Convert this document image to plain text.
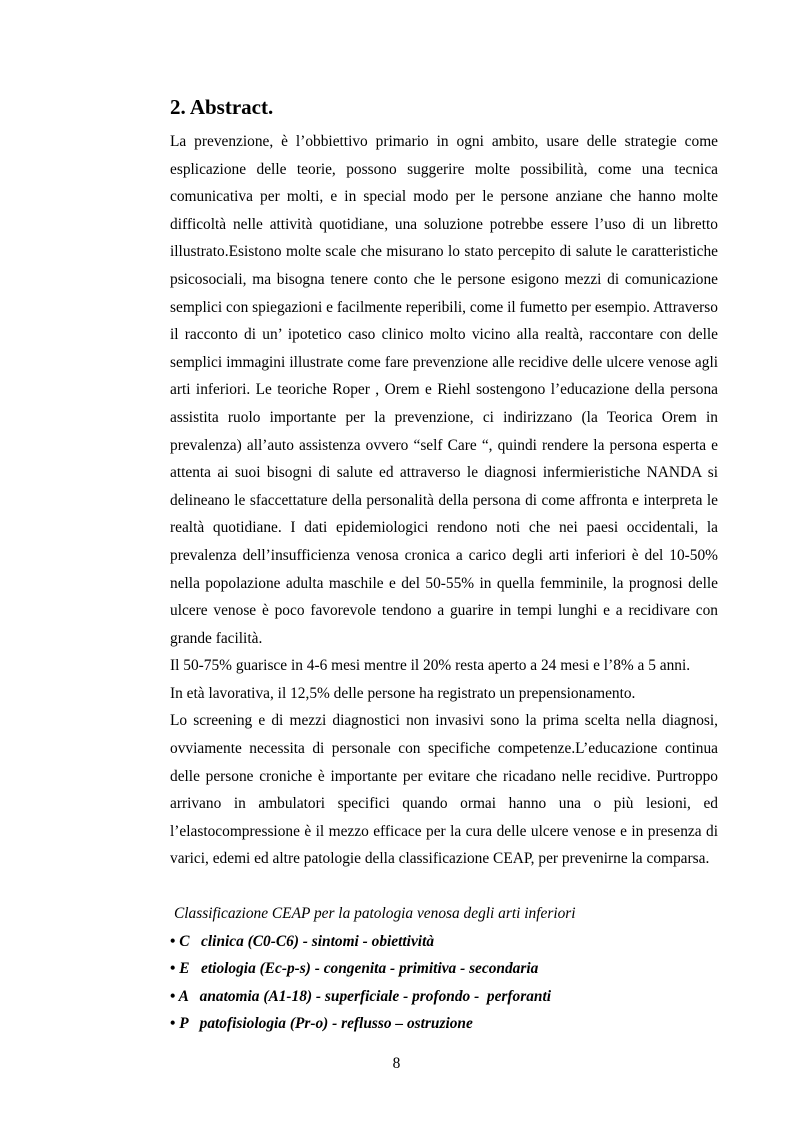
2. Abstract.

La prevenzione, è l’obbiettivo primario in ogni ambito, usare delle strategie come esplicazione delle teorie, possono suggerire molte possibilità, come una tecnica comunicativa per molti, e in special modo per le persone anziane che hanno molte difficoltà nelle attività quotidiane, una soluzione potrebbe essere l’uso di un libretto illustrato.Esistono molte scale che misurano lo stato percepito di salute le caratteristiche psicosociali, ma bisogna tenere conto che le persone esigono mezzi di comunicazione semplici con spiegazioni e facilmente reperibili, come il fumetto per esempio. Attraverso il racconto di un’ ipotetico caso clinico molto vicino alla realtà, raccontare con delle semplici immagini illustrate come fare prevenzione alle recidive delle ulcere venose agli arti inferiori. Le teoriche Roper , Orem e Riehl sostengono l’educazione della persona assistita ruolo importante per la prevenzione, ci indirizzano (la Teorica Orem in prevalenza) all’auto assistenza ovvero “self Care “, quindi rendere la persona esperta e attenta ai suoi bisogni di salute ed attraverso le diagnosi infermieristiche NANDA si delineano le sfaccettature della personalità della persona di come affronta e interpreta le realtà quotidiane. I dati epidemiologici rendono noti che nei paesi occidentali, la prevalenza dell’insufficienza venosa cronica a carico degli arti inferiori è del 10-50% nella popolazione adulta maschile e del 50-55% in quella femminile, la prognosi delle ulcere venose è poco favorevole tendono a guarire in tempi lunghi e a recidivare con grande facilità.

Il 50-75% guarisce in 4-6 mesi mentre il 20% resta aperto a 24 mesi e l’8% a 5 anni.

In età lavorativa, il 12,5% delle persone ha registrato un prepensionamento.

Lo screening e di mezzi diagnostici non invasivi sono la prima scelta nella diagnosi, ovviamente necessita di personale con specifiche competenze.L’educazione continua delle persone croniche è importante per evitare che ricadano nelle recidive. Purtroppo arrivano in ambulatori specifici quando ormai hanno una o più lesioni, ed l’elastocompressione è il mezzo efficace per la cura delle ulcere venose e in presenza di varici, edemi ed altre patologie della classificazione CEAP, per prevenirne la comparsa.

Classificazione CEAP per la patologia venosa degli arti inferiori

• C   clinica (C0-C6) - sintomi - obiettività
• E   etiologia (Ec-p-s) - congenita - primitiva - secondaria
• A   anatomia (A1-18) - superficiale - profondo -  perforanti
• P   patofisiologia (Pr-o) - reflusso – ostruzione
8
